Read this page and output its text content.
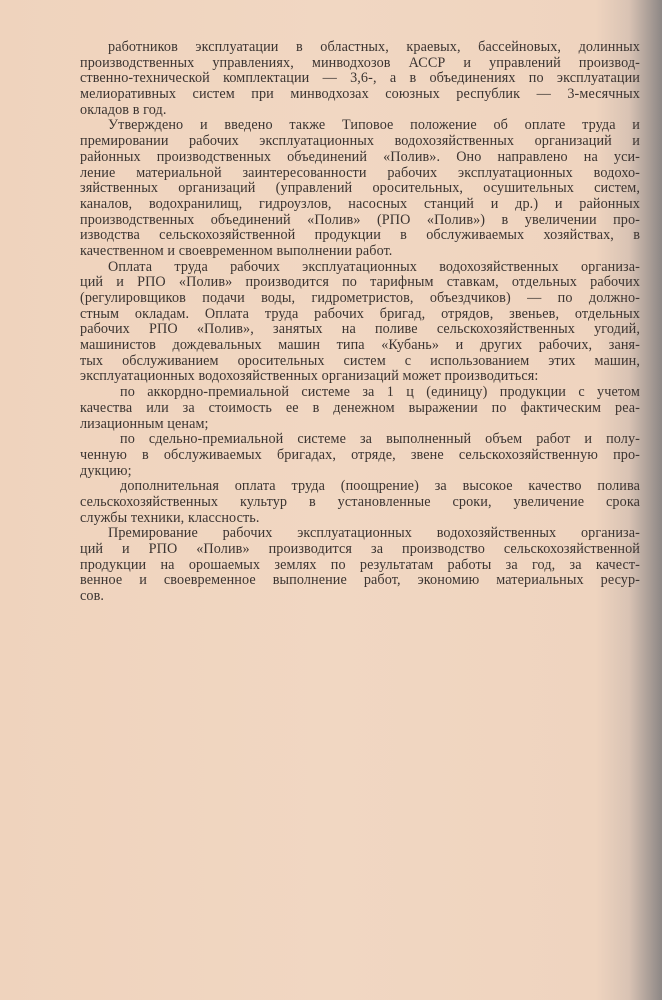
работников эксплуатации в областных, краевых, бассейновых, долинных
производственных управлениях, минводхозов АССР и управлений производ-
ственно-технической комплектации — 3,6-, а в объединениях по эксплуатации
мелиоративных систем при минводхозах союзных республик — 3-месячных
окладов в год.
Утверждено и введено также Типовое положение об оплате труда и
премировании рабочих эксплуатационных водохозяйственных организаций и
районных производственных объединений «Полив». Оно направлено на уси-
ление материальной заинтересованности рабочих эксплуатационных водохо-
зяйственных организаций (управлений оросительных, осушительных систем,
каналов, водохранилищ, гидроузлов, насосных станций и др.) и районных
производственных объединений «Полив» (РПО «Полив») в увеличении про-
изводства сельскохозяйственной продукции в обслуживаемых хозяйствах, в
качественном и своевременном выполнении работ.
Оплата труда рабочих эксплуатационных водохозяйственных организа-
ций и РПО «Полив» производится по тарифным ставкам, отдельных рабочих
(регулировщиков подачи воды, гидрометристов, объездчиков) — по должно-
стным окладам. Оплата труда рабочих бригад, отрядов, звеньев, отдельных
рабочих РПО «Полив», занятых на поливе сельскохозяйственных угодий,
машинистов дождевальных машин типа «Кубань» и других рабочих, заня-
тых обслуживанием оросительных систем с использованием этих машин,
эксплуатационных водохозяйственных организаций может производиться:
по аккордно-премиальной системе за 1 ц (единицу) продукции с учетом
качества или за стоимость ее в денежном выражении по фактическим реа-
лизационным ценам;
по сдельно-премиальной системе за выполненный объем работ и полу-
ченную в обслуживаемых бригадах, отряде, звене сельскохозяйственную про-
дукцию;
дополнительная оплата труда (поощрение) за высокое качество полива
сельскохозяйственных культур в установленные сроки, увеличение срока
службы техники, классность.
Премирование рабочих эксплуатационных водохозяйственных организа-
ций и РПО «Полив» производится за производство сельскохозяйственной
продукции на орошаемых землях по результатам работы за год, за качест-
венное и своевременное выполнение работ, экономию материальных ресур-
сов.
